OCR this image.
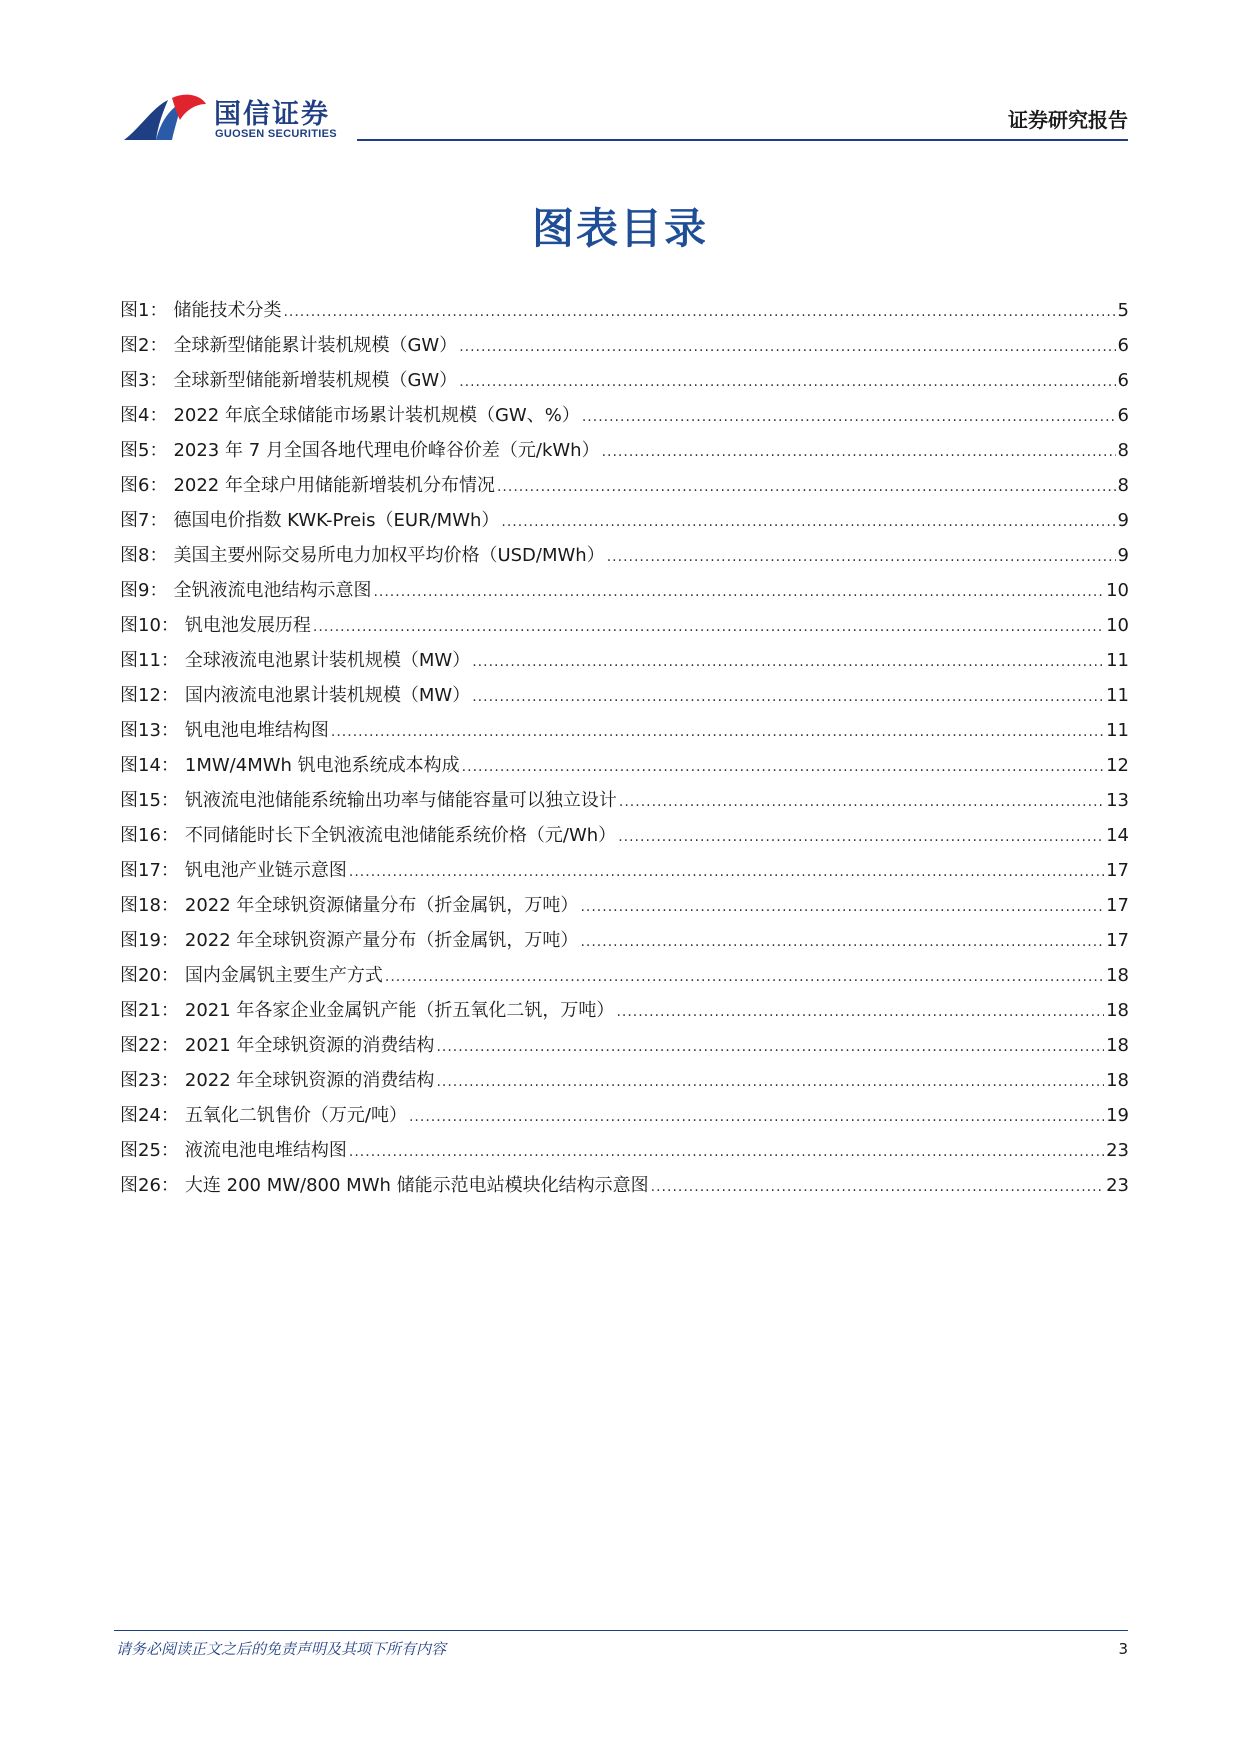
国信证券
GUOSEN SECURITIES
证券研究报告
图表目录
图1： 储能技术分类 .....	5
图2： 全球新型储能累计装机规模（GW） .....	6
图3： 全球新型储能新增装机规模（GW） .....	6
图4： 2022 年底全球储能市场累计装机规模（GW、%） .....	6
图5： 2023 年 7 月全国各地代理电价峰谷价差（元/kWh） .....	8
图6： 2022 年全球户用储能新增装机分布情况 .....	8
图7： 德国电价指数 KWK-Preis（EUR/MWh） .....	9
图8： 美国主要州际交易所电力加权平均价格（USD/MWh） .....	9
图9： 全钒液流电池结构示意图 .....	10
图10： 钒电池发展历程 .....	10
图11： 全球液流电池累计装机规模（MW） .....	11
图12： 国内液流电池累计装机规模（MW） .....	11
图13： 钒电池电堆结构图 .....	11
图14： 1MW/4MWh 钒电池系统成本构成 .....	12
图15： 钒液流电池储能系统输出功率与储能容量可以独立设计 .....	13
图16： 不同储能时长下全钒液流电池储能系统价格（元/Wh） .....	14
图17： 钒电池产业链示意图 .....	17
图18： 2022 年全球钒资源储量分布（折金属钒，万吨） .....	17
图19： 2022 年全球钒资源产量分布（折金属钒，万吨） .....	17
图20： 国内金属钒主要生产方式 .....	18
图21： 2021 年各家企业金属钒产能（折五氧化二钒，万吨） .....	18
图22： 2021 年全球钒资源的消费结构 .....	18
图23： 2022 年全球钒资源的消费结构 .....	18
图24： 五氧化二钒售价（万元/吨） .....	19
图25： 液流电池电堆结构图 .....	23
图26： 大连 200 MW/800 MWh 储能示范电站模块化结构示意图 .....	23
请务必阅读正文之后的免责声明及其项下所有内容	3
